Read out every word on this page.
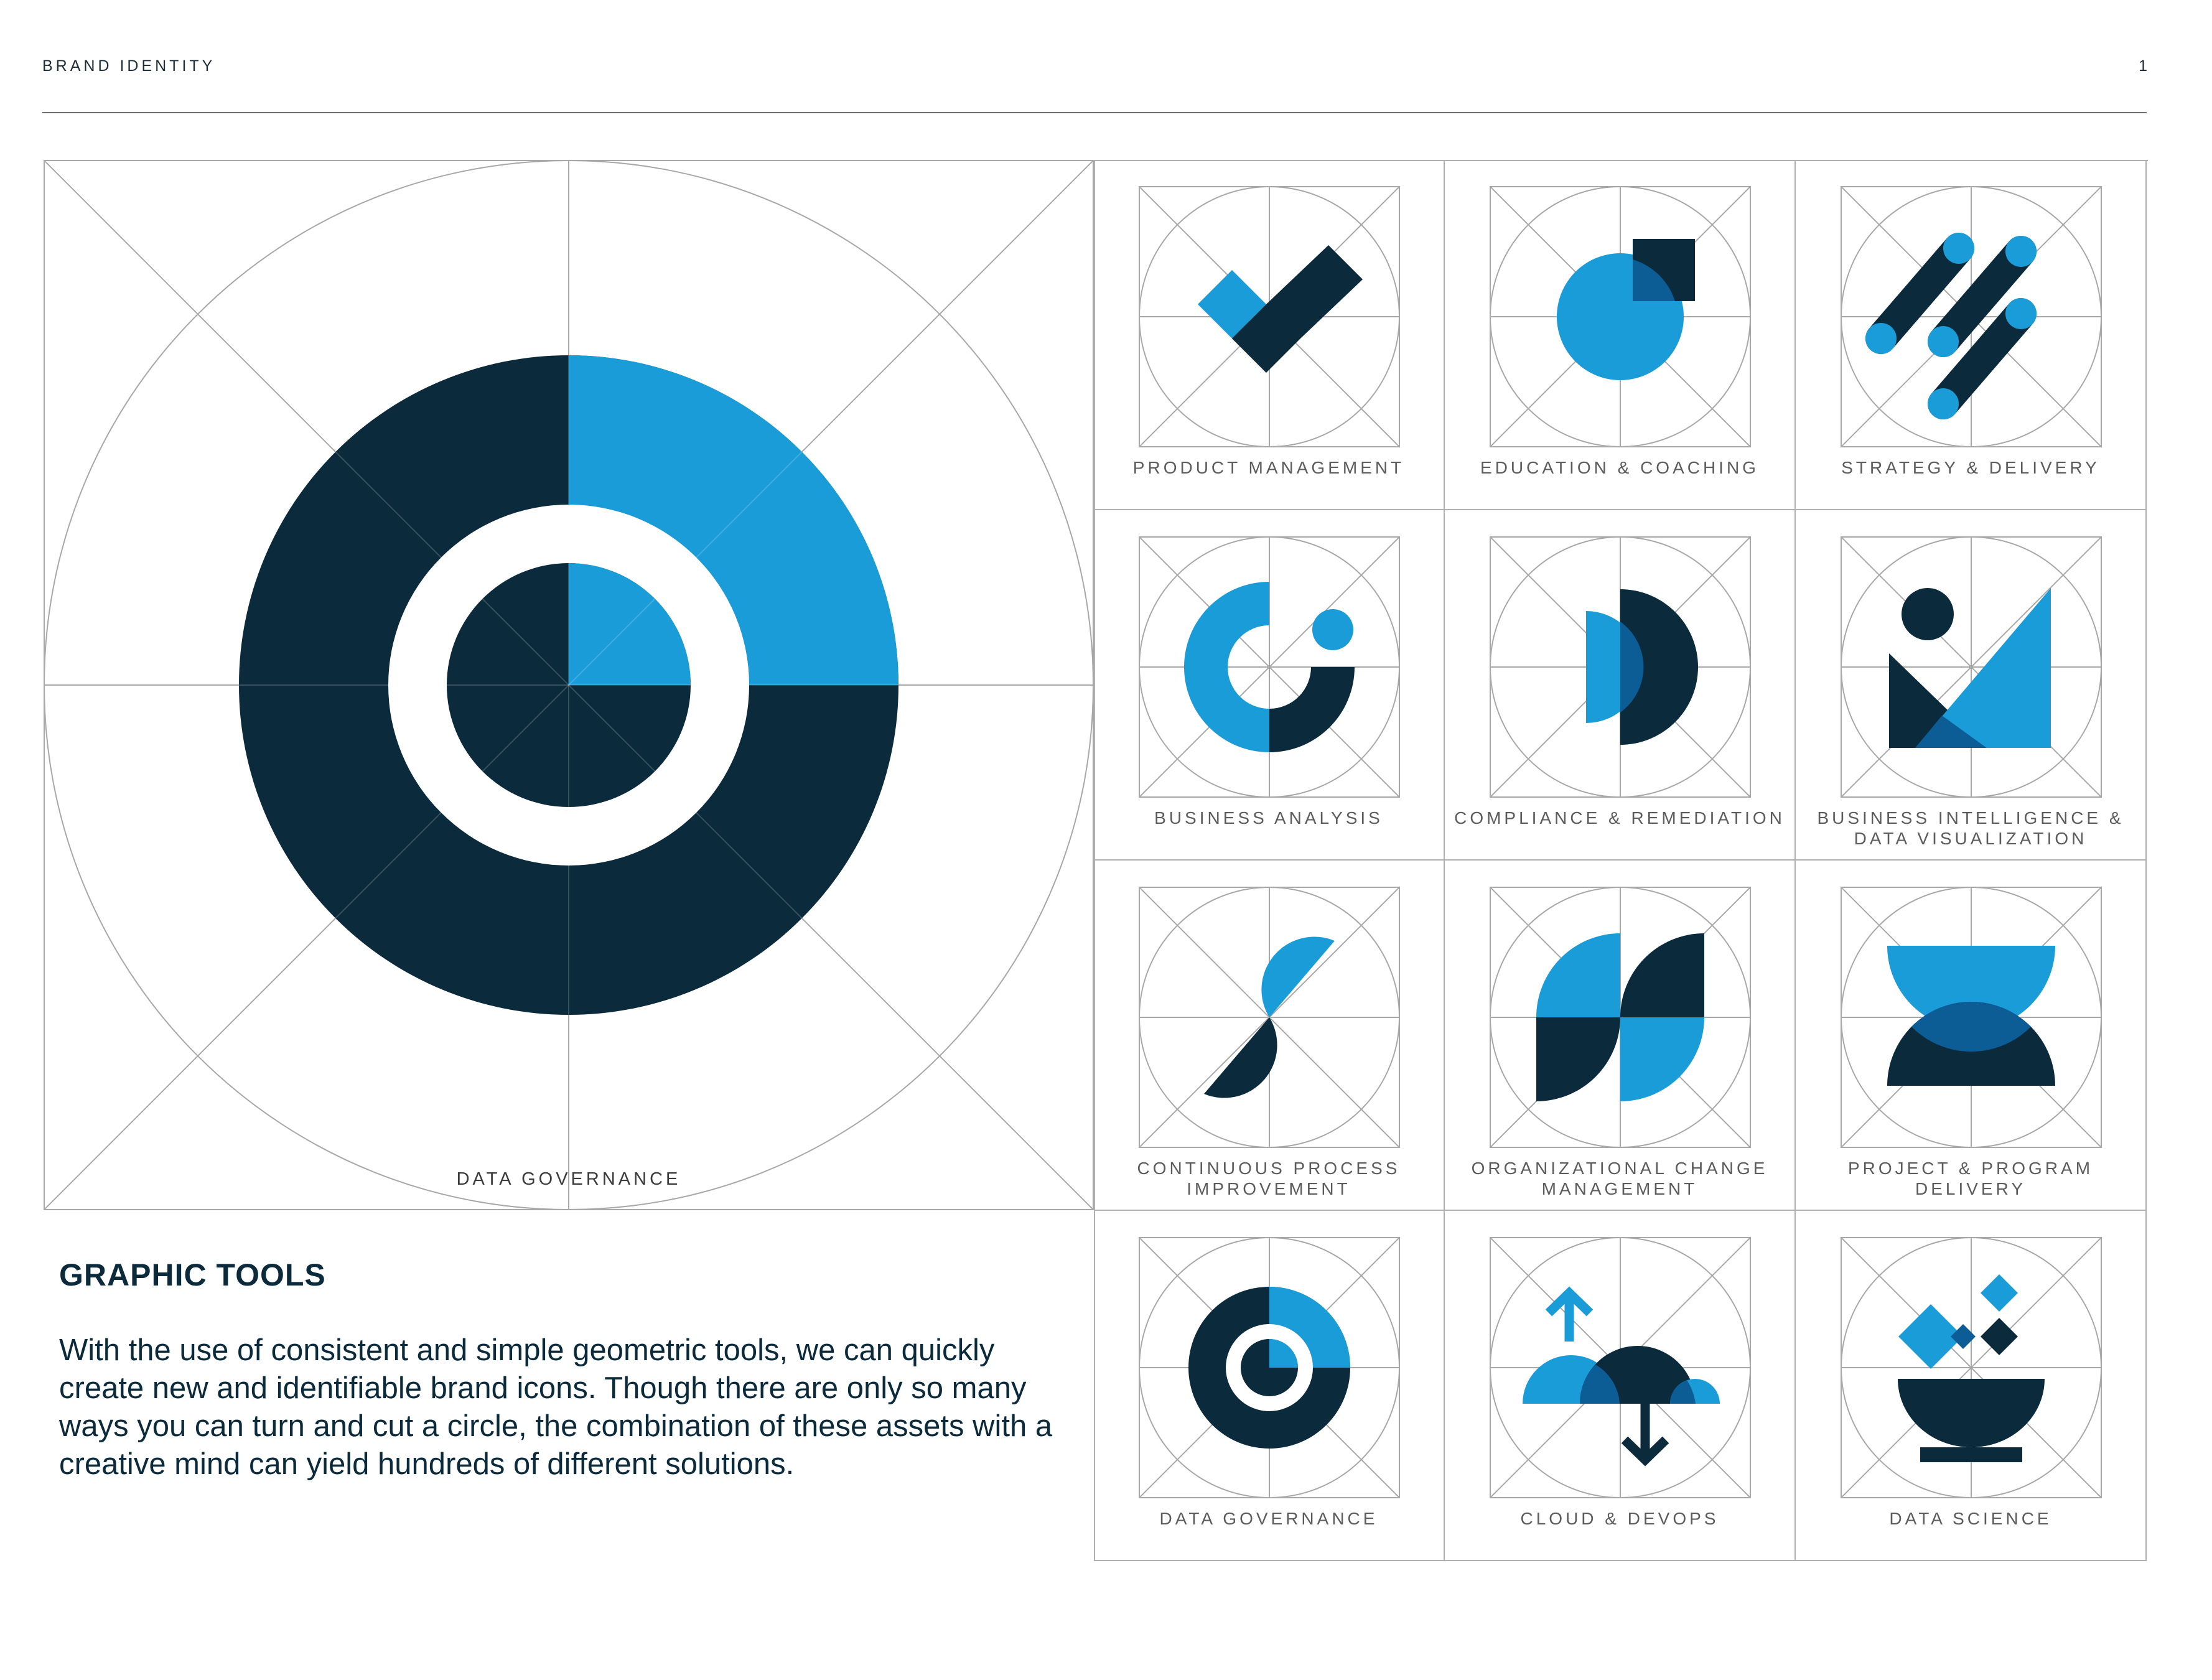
BRAND IDENTITY	1
DATA GOVERNANCE
PRODUCT MANAGEMENT	EDUCATION & COACHING	STRATEGY & DELIVERY
BUSINESS ANALYSIS	COMPLIANCE & REMEDIATION	BUSINESS INTELLIGENCE & DATA VISUALIZATION
CONTINUOUS PROCESS IMPROVEMENT
ORGANIZATIONAL CHANGE MANAGEMENT
PROJECT & PROGRAM DELIVERY
DATA GOVERNANCE	CLOUD & DEVOPS	DATA SCIENCE
GRAPHIC TOOLS
With the use of consistent and simple geometric tools, we can quickly create new and identifiable brand icons. Though there are only so many ways you can turn and cut a circle, the combination of these assets with a creative mind can yield hundreds of different solutions.
